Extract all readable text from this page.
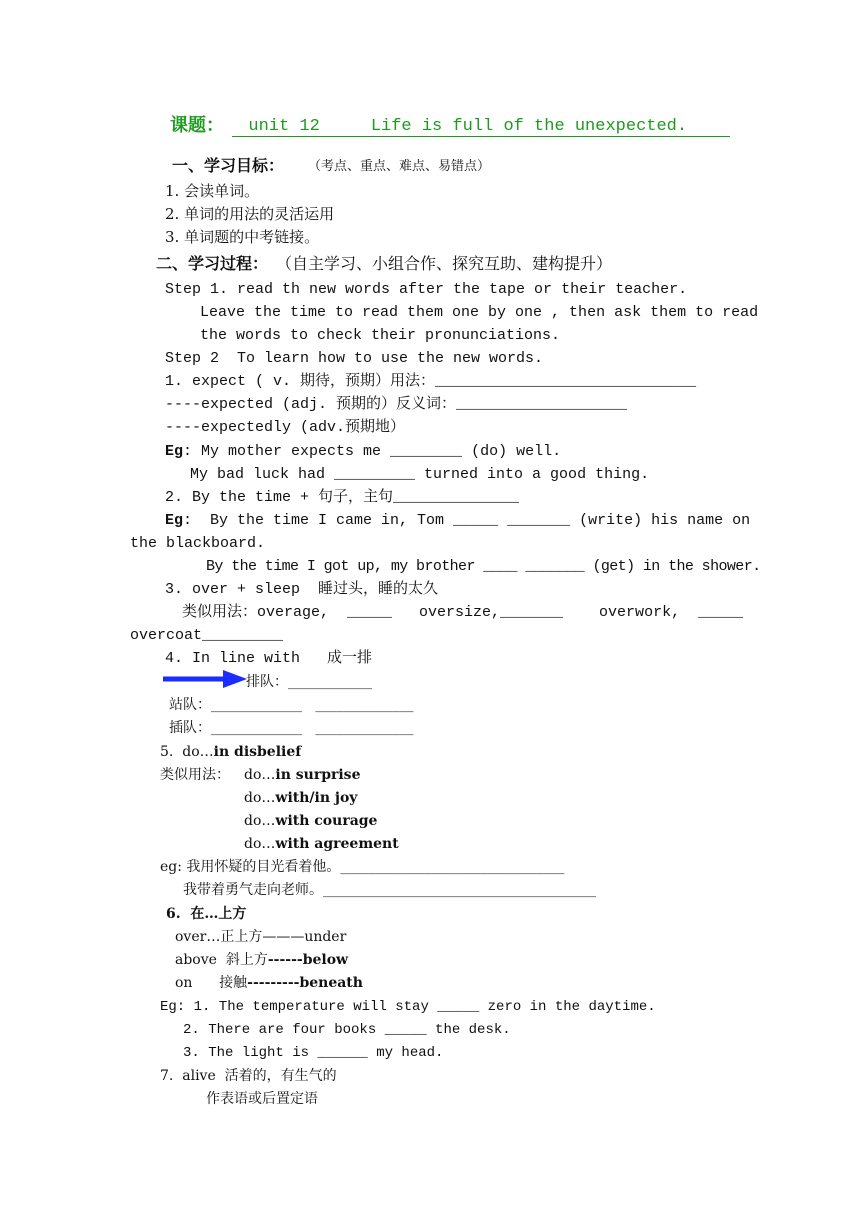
课题： unit 12     Life is full of the unexpected.
一、学习目标： （考点、重点、难点、易错点）
1. 会读单词。
2. 单词的用法的灵活运用
3. 单词题的中考链接。
二、学习过程： （自主学习、小组合作、探究互助、建构提升）
Step 1. read th new words after the tape or their teacher.
Leave the time to read them one by one , then ask them to read
the words to check their pronunciations.
Step 2  To learn how to use the new words.
1. expect ( v. 期待，预期）用法：_____________________________
----expected (adj. 预期的）反义词：___________________
----expectedly (adv.预期地）
Eg: My mother expects me ________ (do) well.
My bad luck had _________ turned into a good thing.
2. By the time + 句子，主句______________
Eg:  By the time I came in, Tom _____ _______ (write) his name on
the blackboard.
By the time I got up, my brother ____ _______ (get) in the shower.
3. over + sleep  睡过头，睡的太久
类似用法：overage,  _____   oversize,_______    overwork,  _____
overcoat_________
4. In line with   成一排
排队：____________
站队：_____________   ______________
插队：_____________   ______________
5.  do…in disbelief
类似用法： do…in surprise
do…with/in joy
do…with courage
do…with agreement
eg: 我用怀疑的目光看着他。________________________________
我带着勇气走向老师。_______________________________________
6.  在…上方
over…正上方———under
above  斜上方------below
on      接触---------beneath
Eg: 1. The temperature will stay _____ zero in the daytime.
2. There are four books _____ the desk.
3. The light is ______ my head.
7.  alive  活着的，有生气的
作表语或后置定语
